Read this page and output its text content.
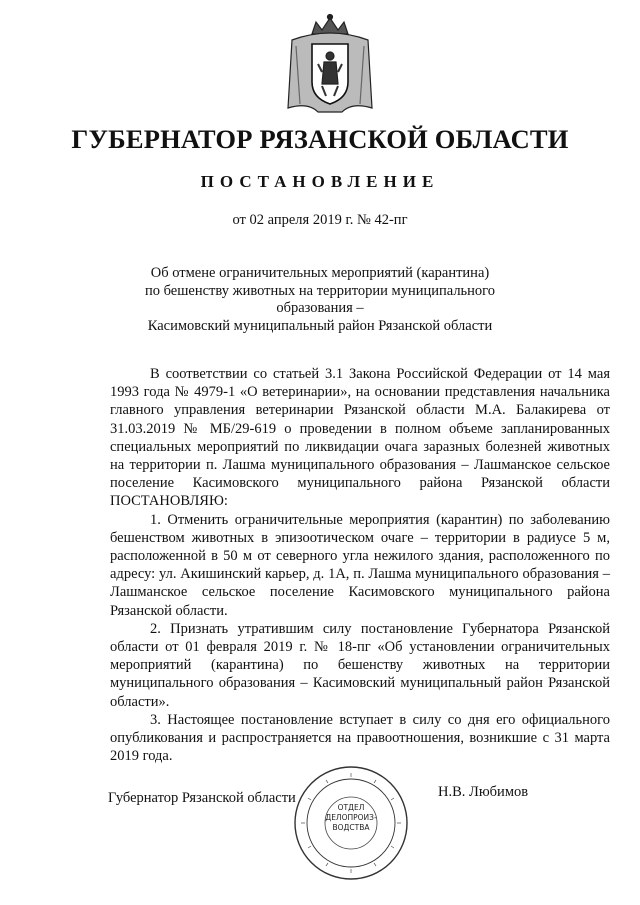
ГУБЕРНАТОР РЯЗАНСКОЙ ОБЛАСТИ
ПОСТАНОВЛЕНИЕ
от 02 апреля 2019 г. № 42-пг
Об отмене ограничительных мероприятий (карантина)
по бешенству животных на территории муниципального образования –
Касимовский муниципальный район Рязанской области

В соответствии со статьей 3.1 Закона Российской Федерации от 14 мая 1993 года № 4979-1 «О ветеринарии», на основании представления начальника главного управления ветеринарии Рязанской области М.А. Балакирева от 31.03.2019 № МБ/29-619 о проведении в полном объеме запланированных специальных мероприятий по ликвидации очага заразных болезней животных на территории п. Лашма муниципального образования – Лашманское сельское поселение Касимовского муниципального района Рязанской области ПОСТАНОВЛЯЮ:

1. Отменить ограничительные мероприятия (карантин) по заболеванию бешенством животных в эпизоотическом очаге – территории в радиусе 5 м, расположенной в 50 м от северного угла нежилого здания, расположенного по адресу: ул. Акишинский карьер, д. 1А, п. Лашма муниципального образования – Лашманское сельское поселение Касимовского муниципального района Рязанской области.

2. Признать утратившим силу постановление Губернатора Рязанской области от 01 февраля 2019 г. № 18-пг «Об установлении ограничительных мероприятий (карантина) по бешенству животных на территории муниципального образования – Касимовский муниципальный район Рязанской области».

3. Настоящее постановление вступает в силу со дня его официального опубликования и распространяется на правоотношения, возникшие с 31 марта 2019 года.

Губернатор Рязанской области	Н.В. Любимов
ОТДЕЛ
ДЕЛОПРОИЗ-
ВОДСТВА
